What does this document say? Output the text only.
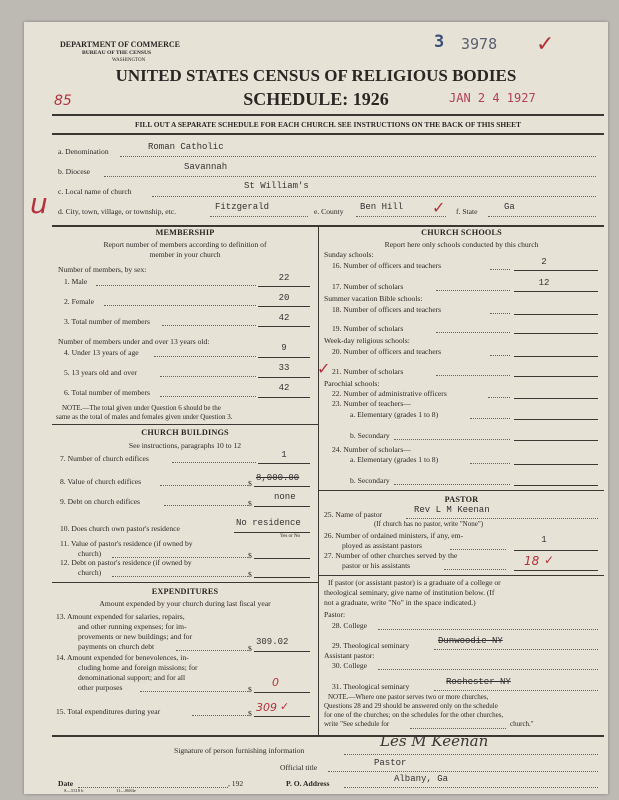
DEPARTMENT OF COMMERCE
BUREAU OF THE CENSUS
WASHINGTON
UNITED STATES CENSUS OF RELIGIOUS BODIES
SCHEDULE: 1926
3 3978 ✓
85	JAN 2 4 1927
FILL OUT A SEPARATE SCHEDULE FOR EACH CHURCH. SEE INSTRUCTIONS ON THE BACK OF THIS SHEET
a. Denomination	Roman Catholic
b. Diocese	Savannah
c. Local name of church
St William's
u d. City, town, village, or township, etc.	Fitzgerald	e. County Ben Hill ✓ f. State	Ga
MEMBERSHIP
Report number of members according to definition of
member in your church
Number of members, by sex:
1. Male	22
2. Female	20
3. Total number of members	42
Number of members under and over 13 years old:
4. Under 13 years of age	9
5. 13 years old and over	33
6. Total number of members	42
NOTE.—The total given under Question 6 should be the
same as the total of males and females given under Question 3.
CHURCH SCHOOLS
Report here only schools conducted by this church
Sunday schools:
16. Number of officers and teachers	2
17. Number of scholars	12
Summer vacation Bible schools:
18. Number of officers and teachers
19. Number of scholars
Week-day religious schools:
20. Number of officers and teachers
✓ 21. Number of scholars
Parochial schools:
22. Number of administrative officers
23. Number of teachers—
a. Elementary (grades 1 to 8)
b. Secondary
24. Number of scholars—
a. Elementary (grades 1 to 8)
b. Secondary
CHURCH BUILDINGS
See instructions, paragraphs 10 to 12
7. Number of church edifices	1
8. Value of church edifices	$
8,000.00
9. Debt on church edifices	$
none
10. Does church own pastor's residence
No residence
Yes or No
11. Value of pastor's residence (if owned by
church)	$
12. Debt on pastor's residence (if owned by
church)	$
EXPENDITURES
Amount expended by your church during last fiscal year
13. Amount expended for salaries, repairs,
and other running expenses; for im-
provements or new buildings; and for
payments on church debt	$
309.02
14. Amount expended for benevolences, in-
cluding home and foreign missions; for
denominational support; and for all
other purposes	$
0
15. Total expenditures during year	$ 309 ✓
PASTOR
25. Name of pastor	Rev L M Keenan
(If church has no pastor, write "None")
26. Number of ordained ministers, if any, em-
ployed as assistant pastors
1
27. Number of other churches served by the
pastor or his assistants	18 ✓
If pastor (or assistant pastor) is a graduate of a college or
theological seminary, give name of institution below. (If
not a graduate, write "No" in the space indicated.)
Pastor:
28. College
29. Theological seminary	Dunwoodie NY
Assistant pastor:
30. College
31. Theological seminary	Rochester NY
NOTE.—Where one pastor serves two or more churches,
Questions 28 and 29 should be answered only on the schedule
for one of the churches; on the schedules for the other churches,
write "See schedule for	church."
Signature of person furnishing information
Les M Keenan
Official title	Pastor
Date	, 192	P. O. Address	Albany, Ga
S—5318 b	11—0684e
